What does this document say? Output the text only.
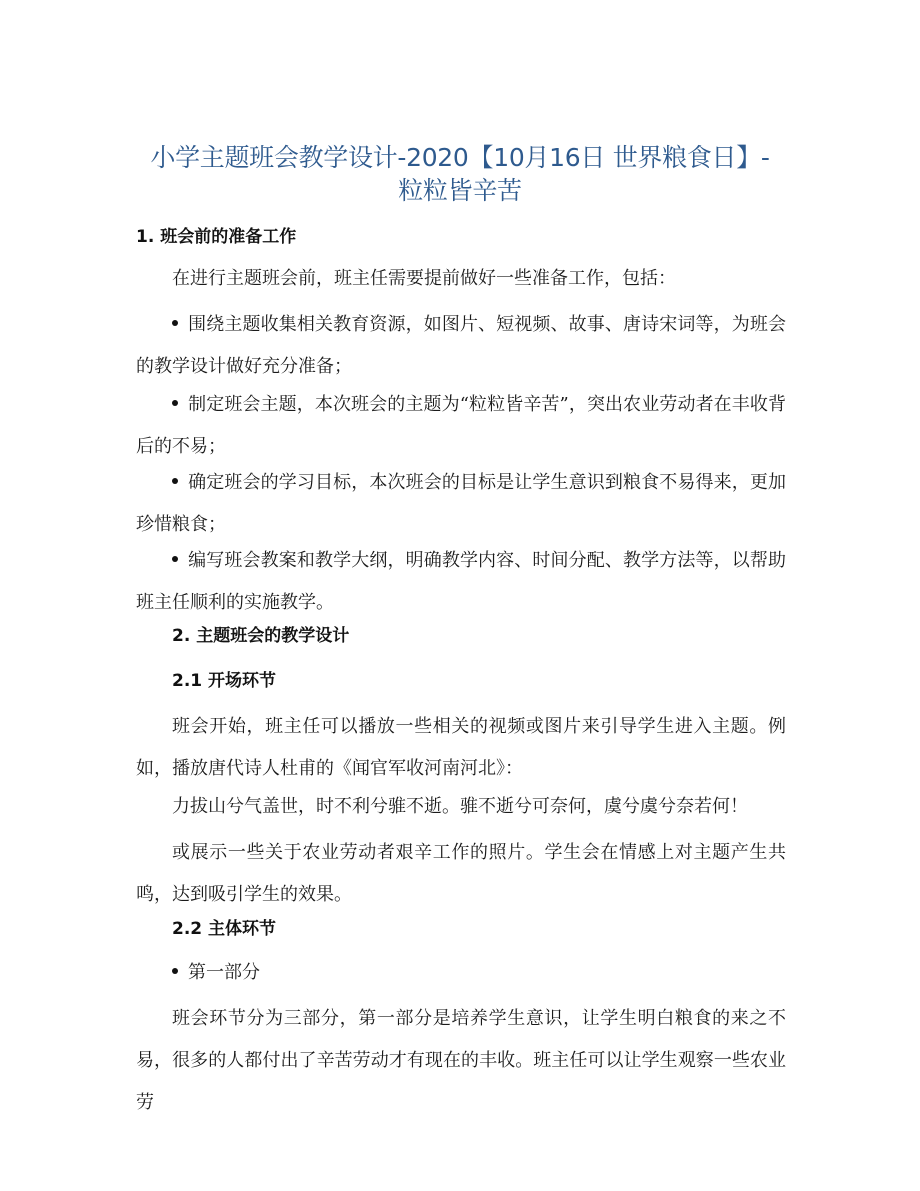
小学主题班会教学设计-2020【10月16日 世界粮食日】-
粒粒皆辛苦
1. 班会前的准备工作
在进行主题班会前，班主任需要提前做好一些准备工作，包括：
围绕主题收集相关教育资源，如图片、短视频、故事、唐诗宋词等，为班会的教学设计做好充分准备；
制定班会主题，本次班会的主题为“粒粒皆辛苦”，突出农业劳动者在丰收背后的不易；
确定班会的学习目标，本次班会的目标是让学生意识到粮食不易得来，更加珍惜粮食；
编写班会教案和教学大纲，明确教学内容、时间分配、教学方法等，以帮助班主任顺利的实施教学。
2. 主题班会的教学设计
2.1 开场环节
班会开始，班主任可以播放一些相关的视频或图片来引导学生进入主题。例如，播放唐代诗人杜甫的《闻官军收河南河北》：
力拔山兮气盖世，时不利兮骓不逝。骓不逝兮可奈何，虞兮虞兮奈若何！
或展示一些关于农业劳动者艰辛工作的照片。学生会在情感上对主题产生共鸣，达到吸引学生的效果。
2.2 主体环节
第一部分
班会环节分为三部分，第一部分是培养学生意识，让学生明白粮食的来之不易，很多的人都付出了辛苦劳动才有现在的丰收。班主任可以让学生观察一些农业劳
